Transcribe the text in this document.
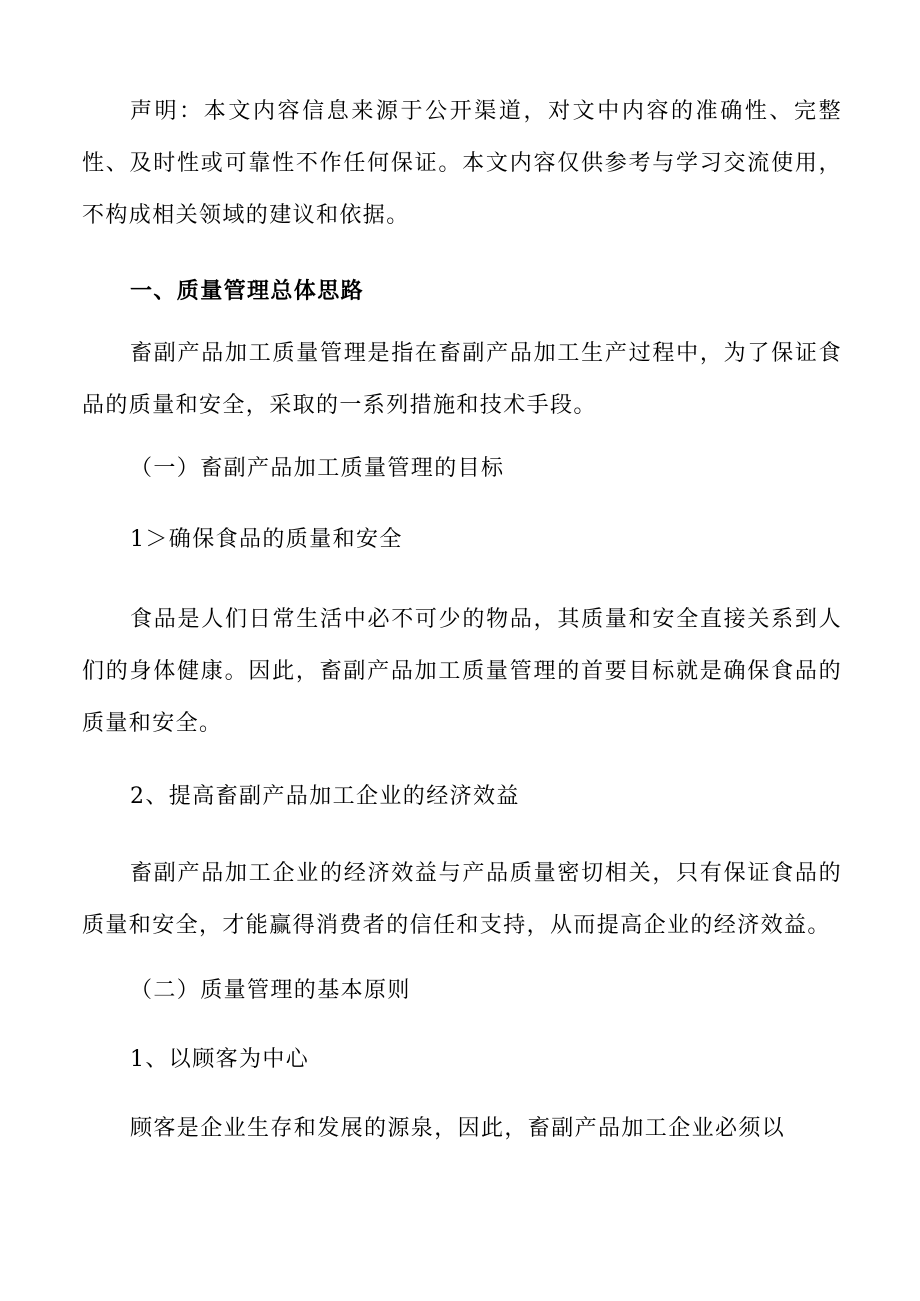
声明：本文内容信息来源于公开渠道，对文中内容的准确性、完整性、及时性或可靠性不作任何保证。本文内容仅供参考与学习交流使用，不构成相关领域的建议和依据。

一、质量管理总体思路

畜副产品加工质量管理是指在畜副产品加工生产过程中，为了保证食品的质量和安全，采取的一系列措施和技术手段。

（一）畜副产品加工质量管理的目标

1＞确保食品的质量和安全

食品是人们日常生活中必不可少的物品，其质量和安全直接关系到人们的身体健康。因此，畜副产品加工质量管理的首要目标就是确保食品的质量和安全。

2、提高畜副产品加工企业的经济效益

畜副产品加工企业的经济效益与产品质量密切相关，只有保证食品的质量和安全，才能赢得消费者的信任和支持，从而提高企业的经济效益。

（二）质量管理的基本原则

1、以顾客为中心

顾客是企业生存和发展的源泉，因此，畜副产品加工企业必须以
